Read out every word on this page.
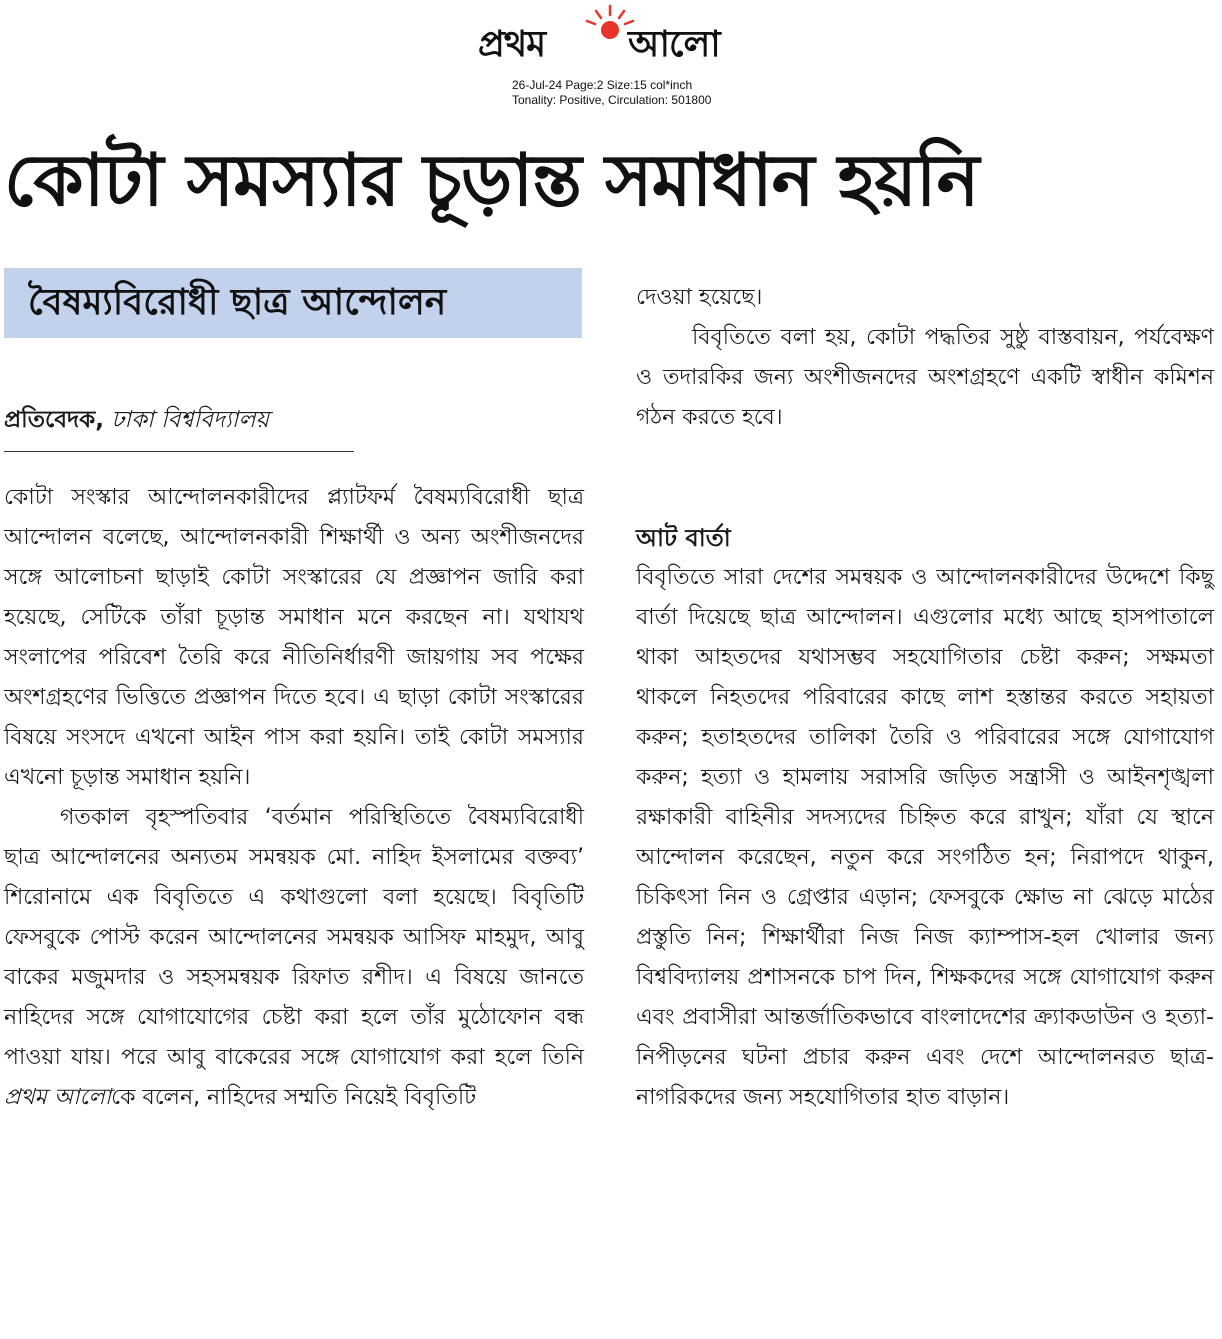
প্রথম আলো
26-Jul-24 Page:2 Size:15 col*inch
Tonality: Positive, Circulation: 501800
কোটা সমস্যার চূড়ান্ত সমাধান হয়নি
বৈষম্যবিরোধী ছাত্র আন্দোলন
প্রতিবেদক, ঢাকা বিশ্ববিদ্যালয়

কোটা সংস্কার আন্দোলনকারীদের প্ল্যাটফর্ম বৈষম্যবিরোধী ছাত্র আন্দোলন বলেছে, আন্দোলনকারী শিক্ষার্থী ও অন্য অংশীজনদের সঙ্গে আলোচনা ছাড়াই কোটা সংস্কারের যে প্রজ্ঞাপন জারি করা হয়েছে, সেটিকে তাঁরা চূড়ান্ত সমাধান মনে করছেন না। যথাযথ সংলাপের পরিবেশ তৈরি করে নীতিনির্ধারণী জায়গায় সব পক্ষের অংশগ্রহণের ভিত্তিতে প্রজ্ঞাপন দিতে হবে। এ ছাড়া কোটা সংস্কারের বিষয়ে সংসদে এখনো আইন পাস করা হয়নি। তাই কোটা সমস্যার এখনো চূড়ান্ত সমাধান হয়নি।

গতকাল বৃহস্পতিবার ‘বর্তমান পরিস্থিতিতে বৈষম্যবিরোধী ছাত্র আন্দোলনের অন্যতম সমন্বয়ক মো. নাহিদ ইসলামের বক্তব্য’ শিরোনামে এক বিবৃতিতে এ কথাগুলো বলা হয়েছে। বিবৃতিটি ফেসবুকে পোস্ট করেন আন্দোলনের সমন্বয়ক আসিফ মাহমুদ, আবু বাকের মজুমদার ও সহসমন্বয়ক রিফাত রশীদ। এ বিষয়ে জানতে নাহিদের সঙ্গে যোগাযোগের চেষ্টা করা হলে তাঁর মুঠোফোন বন্ধ পাওয়া যায়। পরে আবু বাকেরের সঙ্গে যোগাযোগ করা হলে তিনি প্রথম আলোকে বলেন, নাহিদের সম্মতি নিয়েই বিবৃতিটি

দেওয়া হয়েছে।

বিবৃতিতে বলা হয়, কোটা পদ্ধতির সুষ্ঠু বাস্তবায়ন, পর্যবেক্ষণ ও তদারকির জন্য অংশীজনদের অংশগ্রহণে একটি স্বাধীন কমিশন গঠন করতে হবে।

আট বার্তা

বিবৃতিতে সারা দেশের সমন্বয়ক ও আন্দোলনকারীদের উদ্দেশে কিছু বার্তা দিয়েছে ছাত্র আন্দোলন। এগুলোর মধ্যে আছে হাসপাতালে থাকা আহতদের যথাসম্ভব সহযোগিতার চেষ্টা করুন; সক্ষমতা থাকলে নিহতদের পরিবারের কাছে লাশ হস্তান্তর করতে সহায়তা করুন; হতাহতদের তালিকা তৈরি ও পরিবারের সঙ্গে যোগাযোগ করুন; হত্যা ও হামলায় সরাসরি জড়িত সন্ত্রাসী ও আইনশৃঙ্খলা রক্ষাকারী বাহিনীর সদস্যদের চিহ্নিত করে রাখুন; যাঁরা যে স্থানে আন্দোলন করেছেন, নতুন করে সংগঠিত হন; নিরাপদে থাকুন, চিকিৎসা নিন ও গ্রেপ্তার এড়ান; ফেসবুকে ক্ষোভ না ঝেড়ে মাঠের প্রস্তুতি নিন; শিক্ষার্থীরা নিজ নিজ ক্যাম্পাস-হল খোলার জন্য বিশ্ববিদ্যালয় প্রশাসনকে চাপ দিন, শিক্ষকদের সঙ্গে যোগাযোগ করুন এবং প্রবাসীরা আন্তর্জাতিকভাবে বাংলাদেশের ক্র্যাকডাউন ও হত্যা-নিপীড়নের ঘটনা প্রচার করুন এবং দেশে আন্দোলনরত ছাত্র-নাগরিকদের জন্য সহযোগিতার হাত বাড়ান।
